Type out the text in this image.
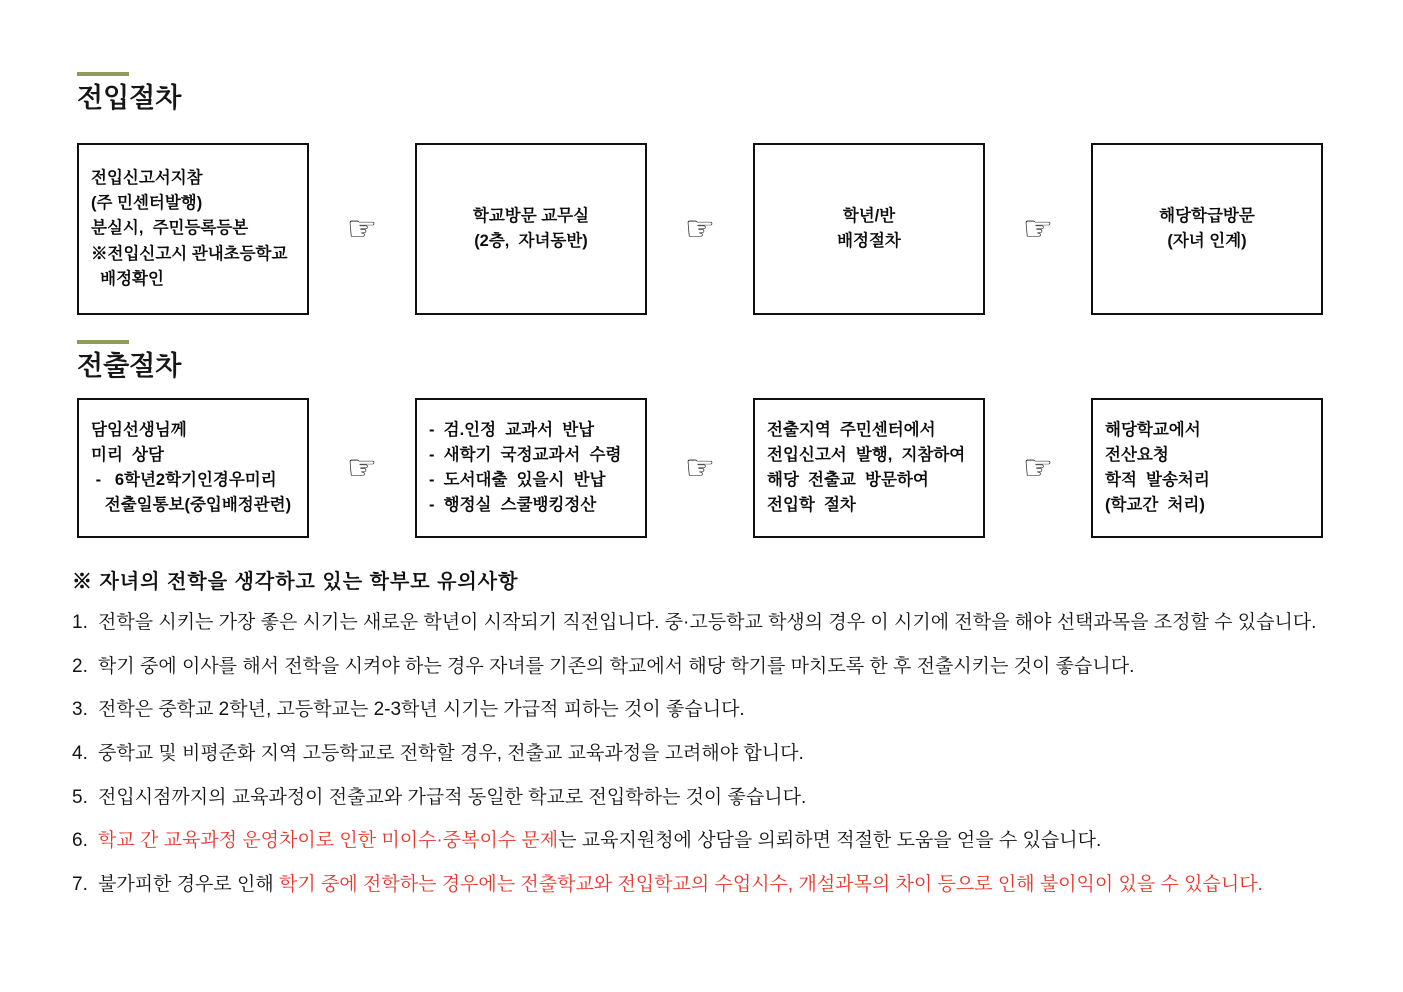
전입절차
전입신고서지참
(주 민센터발행)
분실시,  주민등록등본
※전입신고시 관내초등학교
배정확인
☞	학교방문 교무실
(2층,  자녀동반)	☞	학년/반
배정절차	☞	해당학급방문
(자녀 인계)
전출절차
담임선생님께
미리  상담
-   6학년2학기인경우미리
전출일통보(중입배정관련)
☞
-  검.인정  교과서  반납
-  새학기  국정교과서  수령
-  도서대출  있을시  반납
-  행정실  스쿨뱅킹정산
☞
전출지역  주민센터에서
전입신고서  발행,  지참하여
해당  전출교  방문하여
전입학  절차
☞
해당학교에서
전산요청
학적  발송처리
(학교간  처리)
※ 자녀의 전학을 생각하고 있는 학부모 유의사항
1. 전학을 시키는 가장 좋은 시기는 새로운 학년이 시작되기 직전입니다. 중·고등학교 학생의 경우 이 시기에 전학을 해야 선택과목을 조정할 수 있습니다.
2. 학기 중에 이사를 해서 전학을 시켜야 하는 경우 자녀를 기존의 학교에서 해당 학기를 마치도록 한 후 전출시키는 것이 좋습니다.
3. 전학은 중학교 2학년, 고등학교는 2-3학년 시기는 가급적 피하는 것이 좋습니다.
4. 중학교 및 비평준화 지역 고등학교로 전학할 경우, 전출교 교육과정을 고려해야 합니다.
5. 전입시점까지의 교육과정이 전출교와 가급적 동일한 학교로 전입학하는 것이 좋습니다.
6. 학교 간 교육과정 운영차이로 인한 미이수·중복이수 문제는 교육지원청에 상담을 의뢰하면 적절한 도움을 얻을 수 있습니다.
7. 불가피한 경우로 인해 학기 중에 전학하는 경우에는 전출학교와 전입학교의 수업시수, 개설과목의 차이 등으로 인해 불이익이 있을 수 있습니다.
